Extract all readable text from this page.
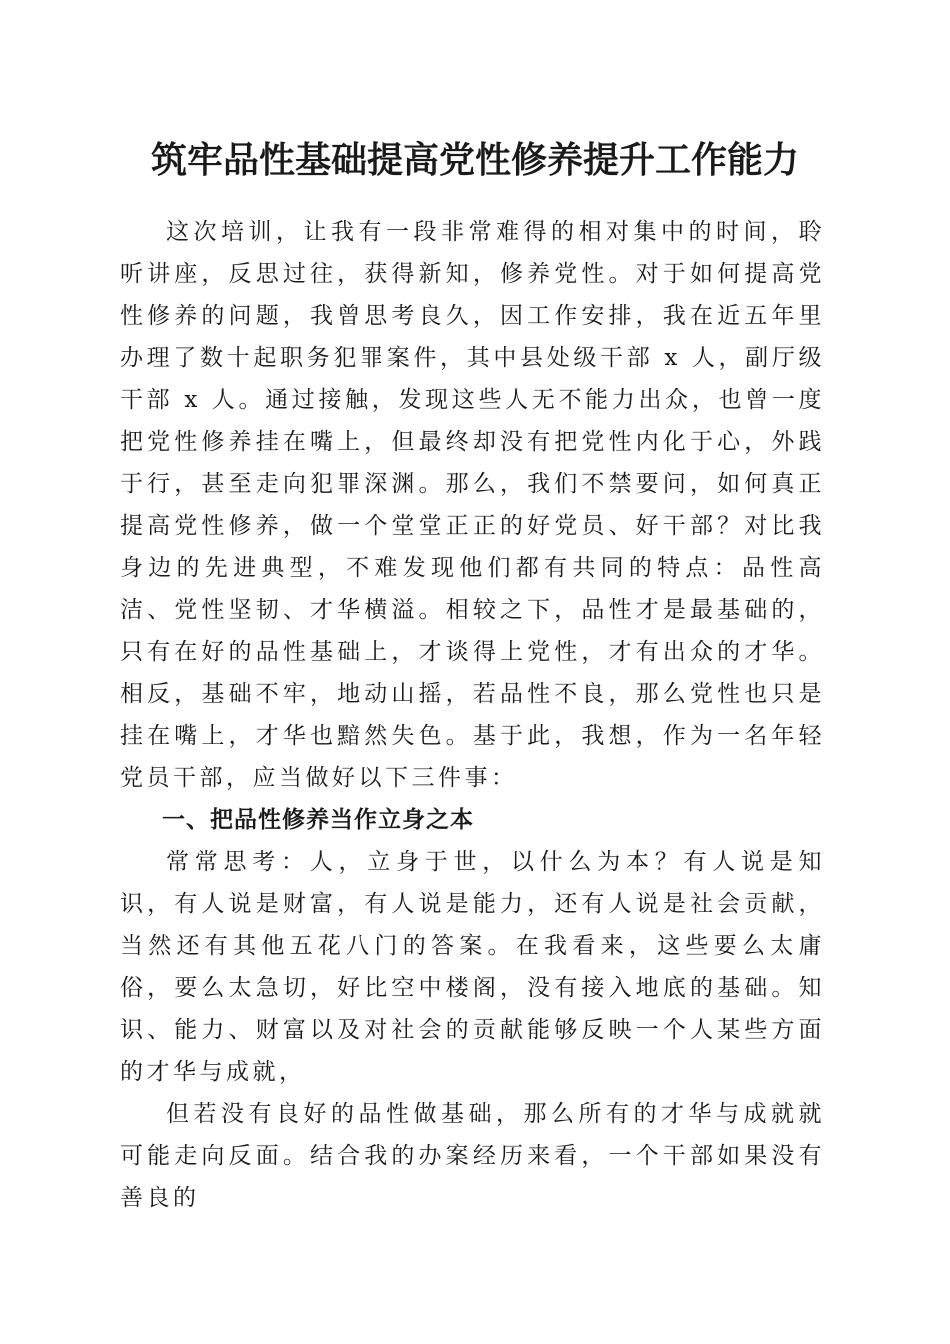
筑牢品性基础提高党性修养提升工作能力

这次培训，让我有一段非常难得的相对集中的时间，聆听讲座，反思过往，获得新知，修养党性。对于如何提高党性修养的问题，我曾思考良久，因工作安排，我在近五年里办理了数十起职务犯罪案件，其中县处级干部 x 人，副厅级干部 x 人。通过接触，发现这些人无不能力出众，也曾一度把党性修养挂在嘴上，但最终却没有把党性内化于心，外践于行，甚至走向犯罪深渊。那么，我们不禁要问，如何真正提高党性修养，做一个堂堂正正的好党员、好干部？对比我身边的先进典型，不难发现他们都有共同的特点：品性高洁、党性坚韧、才华横溢。相较之下，品性才是最基础的，只有在好的品性基础上，才谈得上党性，才有出众的才华。相反，基础不牢，地动山摇，若品性不良，那么党性也只是挂在嘴上，才华也黯然失色。基于此，我想，作为一名年轻党员干部，应当做好以下三件事：

一、把品性修养当作立身之本

常常思考：人，立身于世，以什么为本？有人说是知识，有人说是财富，有人说是能力，还有人说是社会贡献，当然还有其他五花八门的答案。在我看来，这些要么太庸俗，要么太急切，好比空中楼阁，没有接入地底的基础。知识、能力、财富以及对社会的贡献能够反映一个人某些方面的才华与成就，

但若没有良好的品性做基础，那么所有的才华与成就就可能走向反面。结合我的办案经历来看，一个干部如果没有善良的
